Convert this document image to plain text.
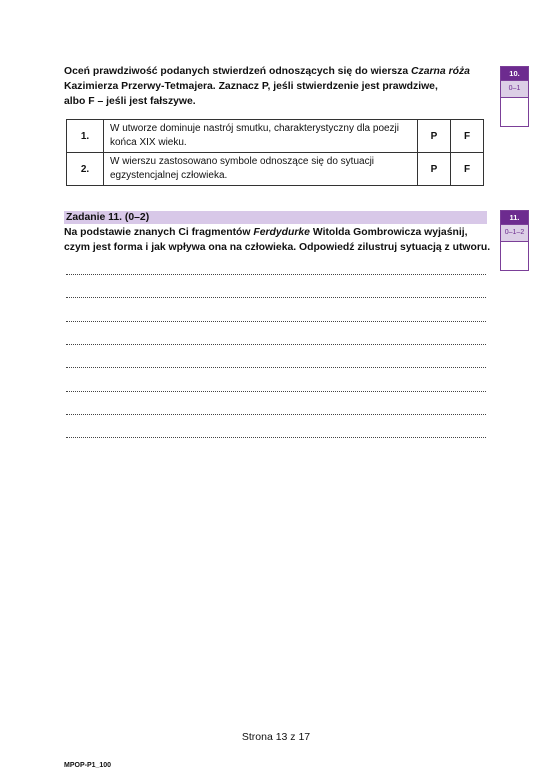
Oceń prawdziwość podanych stwierdzeń odnoszących się do wiersza Czarna róża

Kazimierza Przerwy-Tetmajera. Zaznacz P, jeśli stwierdzenie jest prawdziwe,

albo F – jeśli jest fałszywe.

10.
0–1
1.	W utworze dominuje nastrój smutku, charakterystyczny dla poezji
końca XIX wieku.	P	F
2.	W wierszu zastosowano symbole odnoszące się do sytuacji
egzystencjalnej człowieka.	P	F
Zadanie 11. (0–2)	11.
0–1–2

Na podstawie znanych Ci fragmentów Ferdydurke Witolda Gombrowicza wyjaśnij,

czym jest forma i jak wpływa ona na człowieka. Odpowiedź zilustruj sytuacją z utworu.

Strona 13 z 17
MPOP-P1_100
